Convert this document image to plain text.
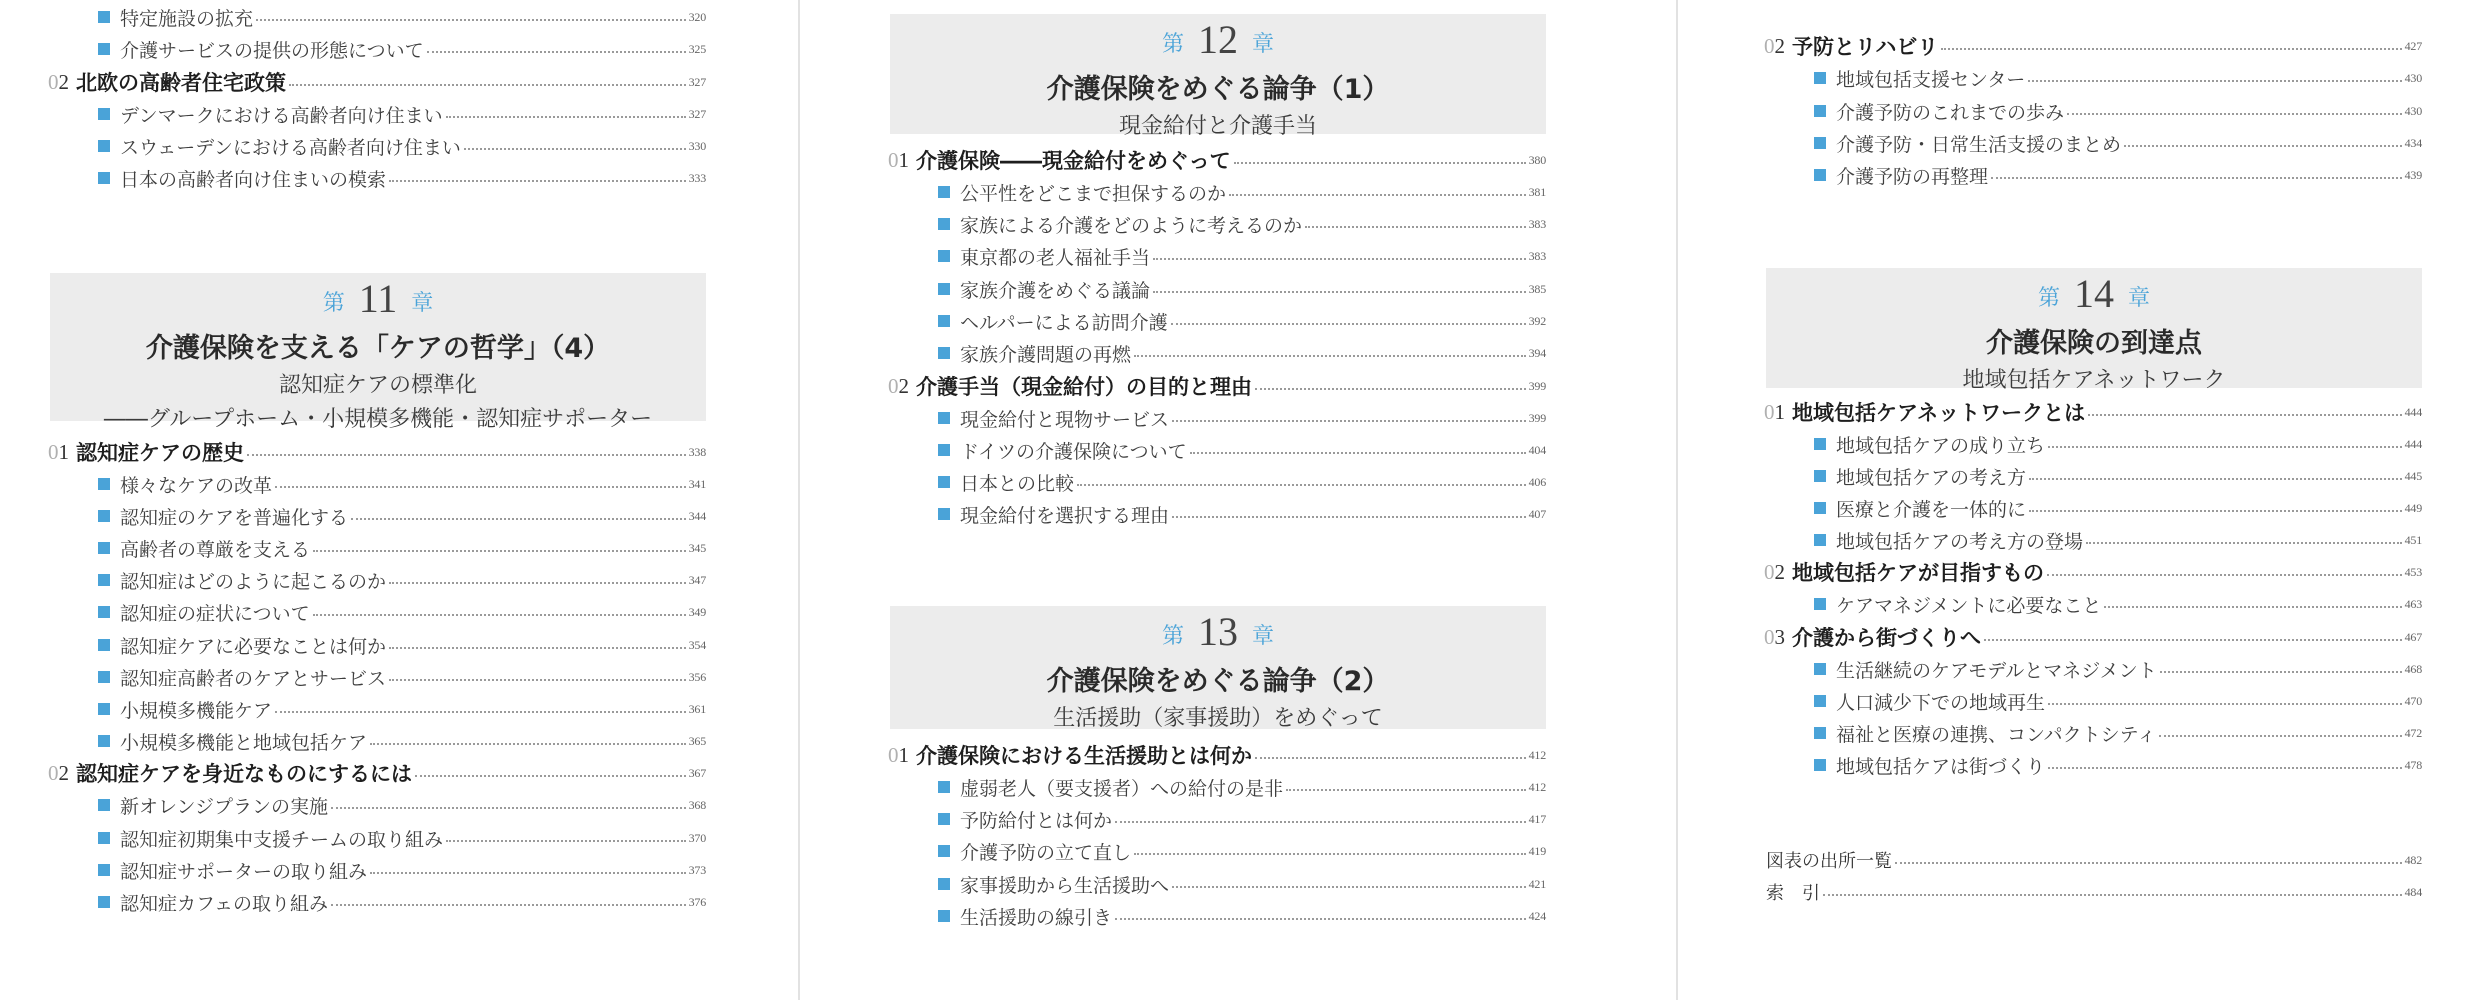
特定施設の拡充	320
介護サービスの提供の形態について	325
02 北欧の高齢者住宅政策	327
デンマークにおける高齢者向け住まい	327
スウェーデンにおける高齢者向け住まい	330
日本の高齢者向け住まいの模索	333
第 11 章
介護保険を支える「ケアの哲学」（4）
認知症ケアの標準化
――グループホーム・小規模多機能・認知症サポーター
01 認知症ケアの歴史	338
様々なケアの改革	341
認知症のケアを普遍化する	344
高齢者の尊厳を支える	345
認知症はどのように起こるのか	347
認知症の症状について	349
認知症ケアに必要なことは何か	354
認知症高齢者のケアとサービス	356
小規模多機能ケア	361
小規模多機能と地域包括ケア	365
02 認知症ケアを身近なものにするには	367
新オレンジプランの実施	368
認知症初期集中支援チームの取り組み	370
認知症サポーターの取り組み	373
認知症カフェの取り組み	376
第 12 章
介護保険をめぐる論争（1）
現金給付と介護手当
01 介護保険――現金給付をめぐって	380
公平性をどこまで担保するのか	381
家族による介護をどのように考えるのか	383
東京都の老人福祉手当	383
家族介護をめぐる議論	385
ヘルパーによる訪問介護	392
家族介護問題の再燃	394
02 介護手当（現金給付）の目的と理由	399
現金給付と現物サービス	399
ドイツの介護保険について	404
日本との比較	406
現金給付を選択する理由	407
第 13 章
介護保険をめぐる論争（2）
生活援助（家事援助）をめぐって
01 介護保険における生活援助とは何か	412
虚弱老人（要支援者）への給付の是非	412
予防給付とは何か	417
介護予防の立て直し	419
家事援助から生活援助へ	421
生活援助の線引き	424
02 予防とリハビリ	427
地域包括支援センター	430
介護予防のこれまでの歩み	430
介護予防・日常生活支援のまとめ	434
介護予防の再整理	439
第 14 章
介護保険の到達点
地域包括ケアネットワーク
01 地域包括ケアネットワークとは	444
地域包括ケアの成り立ち	444
地域包括ケアの考え方	445
医療と介護を一体的に	449
地域包括ケアの考え方の登場	451
02 地域包括ケアが目指すもの	453
ケアマネジメントに必要なこと	463
03 介護から街づくりへ	467
生活継続のケアモデルとマネジメント	468
人口減少下での地域再生	470
福祉と医療の連携、コンパクトシティ	472
地域包括ケアは街づくり	478
図表の出所一覧	482
索　引	484
